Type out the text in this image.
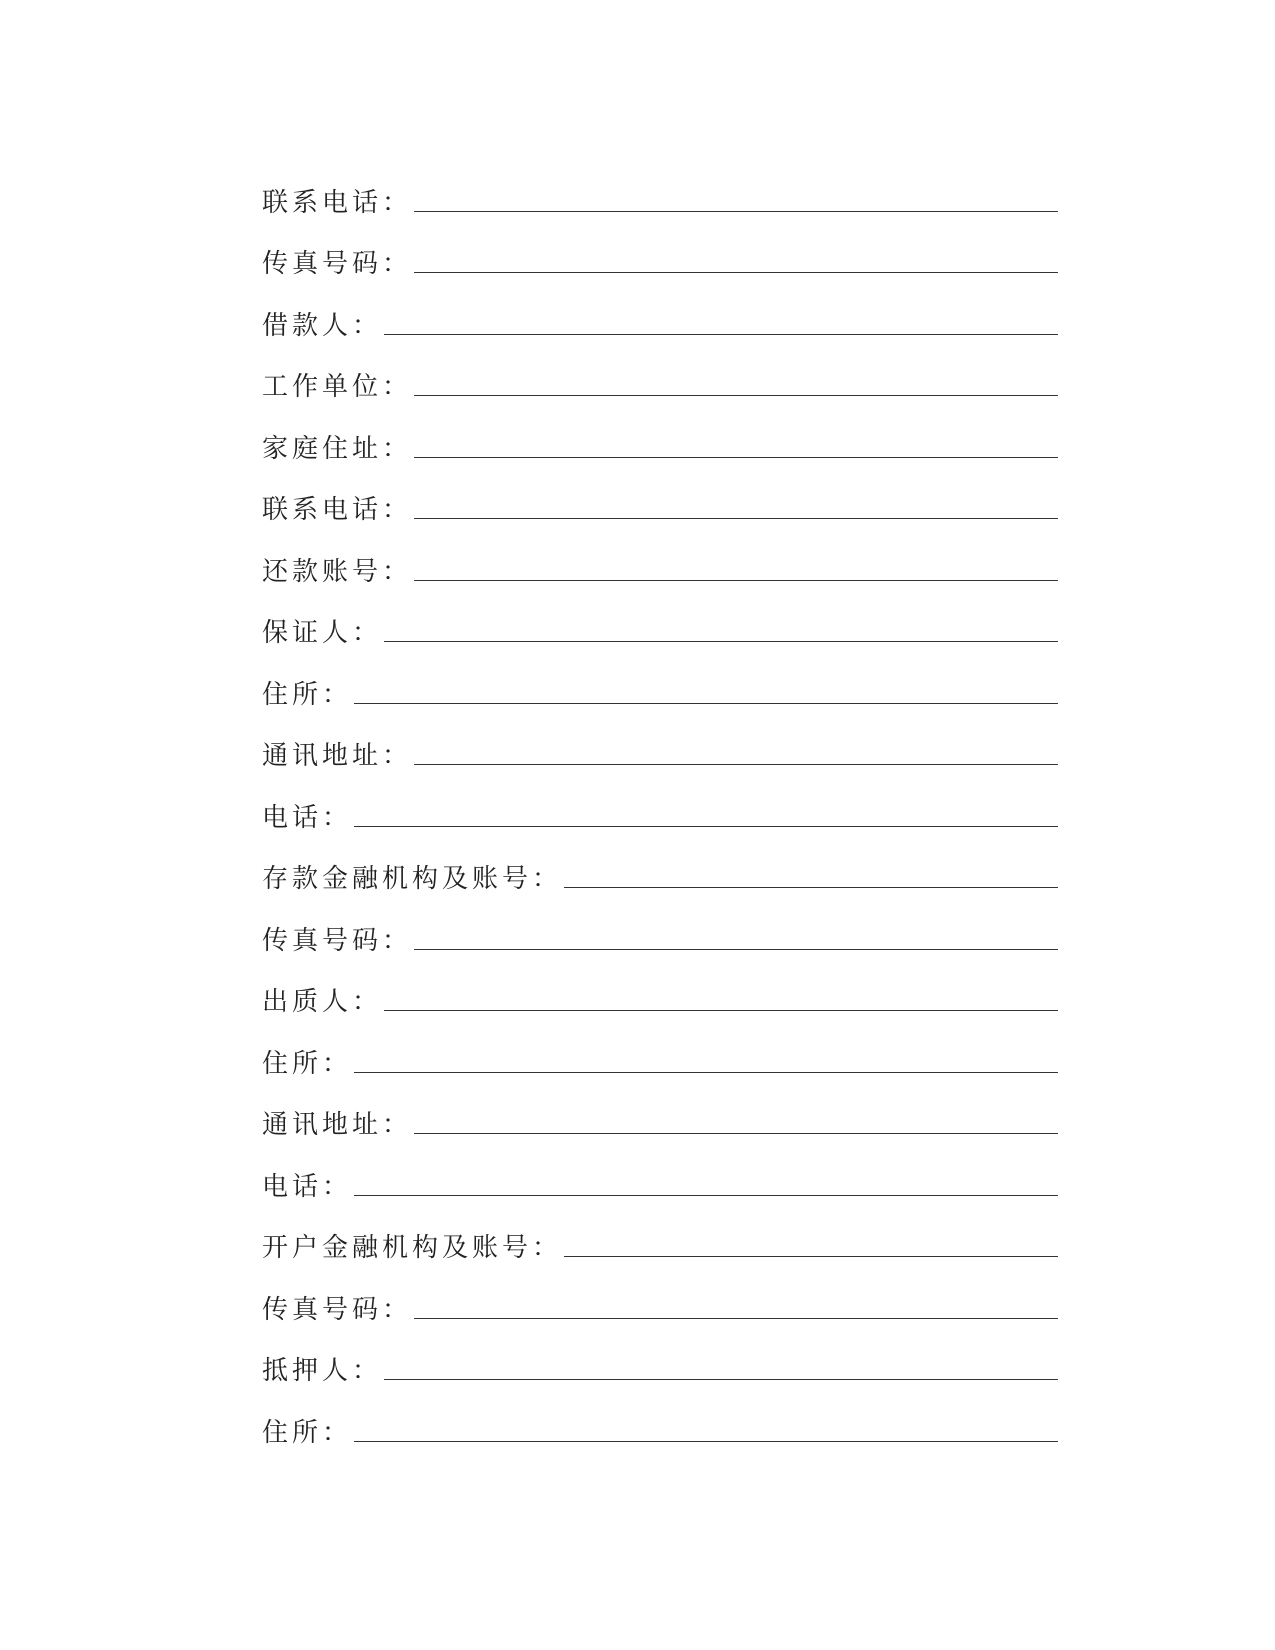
联系电话：
传真号码：
借款人：
工作单位：
家庭住址：
联系电话：
还款账号：
保证人：
住所：
通讯地址：
电话：
存款金融机构及账号：
传真号码：
出质人：
住所：
通讯地址：
电话：
开户金融机构及账号：
传真号码：
抵押人：
住所：
